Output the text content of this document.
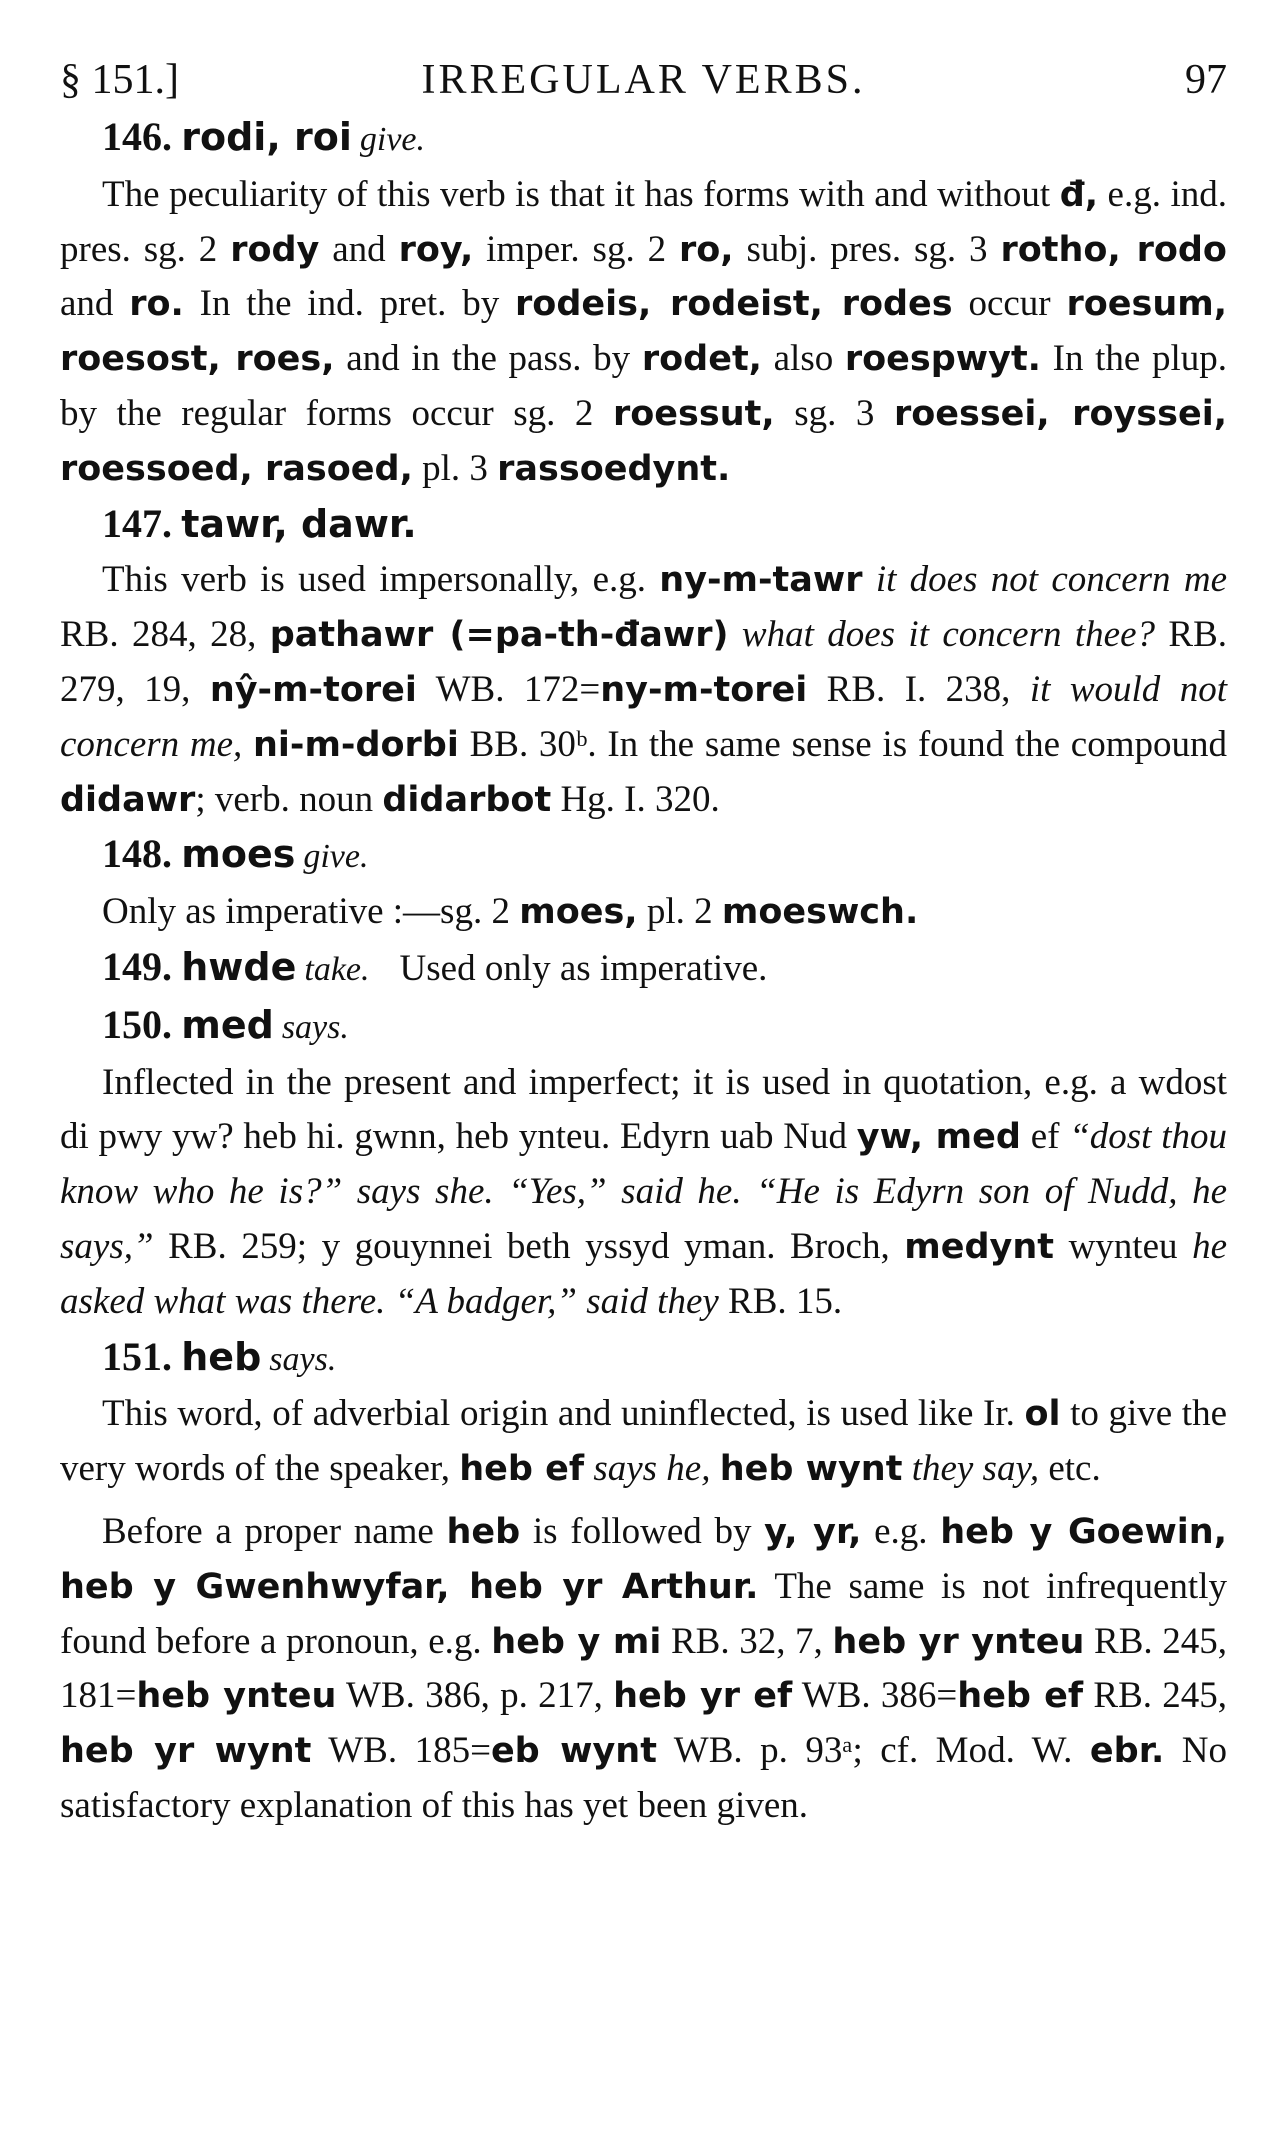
§ 151.]	IRREGULAR VERBS.	97
146. rodi, roi give.

The peculiarity of this verb is that it has forms with and without đ, e.g. ind. pres. sg. 2 rody and roy, imper. sg. 2 ro, subj. pres. sg. 3 rotho, rodo and ro. In the ind. pret. by rodeis, rodeist, rodes occur roesum, roesost, roes, and in the pass. by rodet, also roespwyt. In the plup. by the regular forms occur sg. 2 roessut, sg. 3 roessei, royssei, roessoed, rasoed, pl. 3 rassoedynt.

147. tawr, dawr.

This verb is used impersonally, e.g. ny-m-tawr it does not concern me RB. 284, 28, pathawr (=pa-th-đawr) what does it concern thee? RB. 279, 19, nŷ-m-torei WB. 172=ny-m-torei RB. I. 238, it would not concern me, ni-m-dorbi BB. 30ᵇ. In the same sense is found the compound didawr; verb. noun didarbot Hg. I. 320.

148. moes give.

Only as imperative :—sg. 2 moes, pl. 2 moeswch.

149. hwde take. Used only as imperative.
150. med says.

Inflected in the present and imperfect; it is used in quotation, e.g. a wdost di pwy yw? heb hi. gwnn, heb ynteu. Edyrn uab Nud yw, med ef “dost thou know who he is?” says she. “Yes,” said he. “He is Edyrn son of Nudd, he says,” RB. 259; y gouynnei beth yssyd yman. Broch, medynt wynteu he asked what was there. “A badger,” said they RB. 15.

151. heb says.

This word, of adverbial origin and uninflected, is used like Ir. ol to give the very words of the speaker, heb ef says he, heb wynt they say, etc.

Before a proper name heb is followed by y, yr, e.g. heb y Goewin, heb y Gwenhwyfar, heb yr Arthur. The same is not infrequently found before a pronoun, e.g. heb y mi RB. 32, 7, heb yr ynteu RB. 245, 181=heb ynteu WB. 386, p. 217, heb yr ef WB. 386=heb ef RB. 245, heb yr wynt WB. 185=eb wynt WB. p. 93ᵃ; cf. Mod. W. ebr. No satisfactory explanation of this has yet been given.
